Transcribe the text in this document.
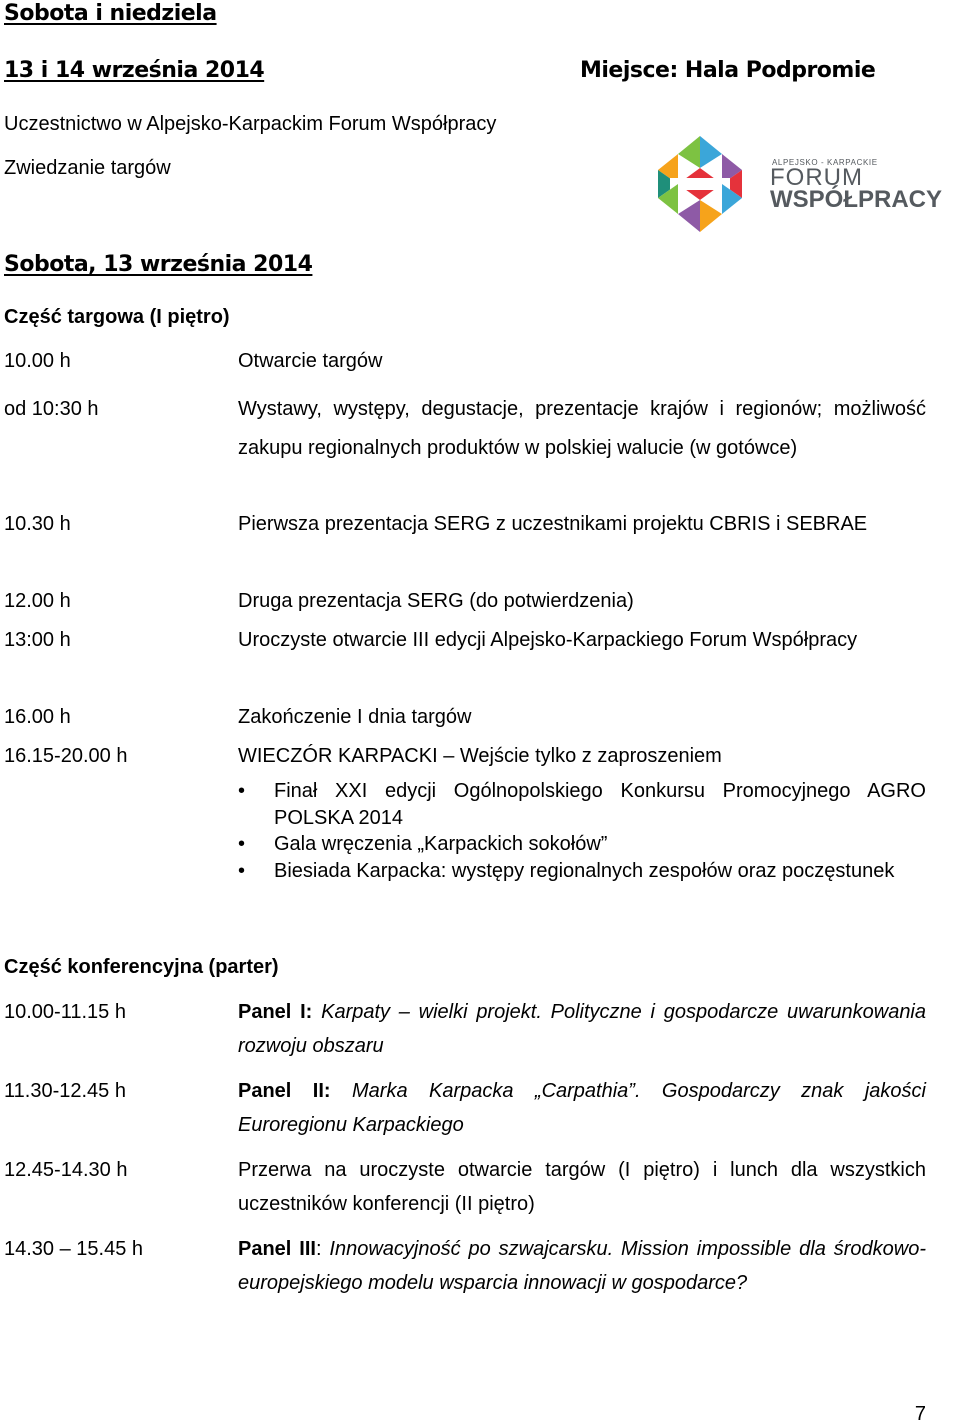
Sobota i niedziela
13 i 14 września 2014	Miejsce: Hala Podpromie
Uczestnictwo w Alpejsko-Karpackim Forum Współpracy
Zwiedzanie targów	ALPEJSKO - KARPACKIE
FORUM
WSPÓŁPRACY
Sobota, 13 września 2014
Część targowa (I piętro)
10.00 h	Otwarcie targów
od 10:30 h	Wystawy, występy, degustacje, prezentacje krajów i regionów; możliwość zakupu regionalnych produktów w polskiej walucie (w gotówce)
10.30 h	Pierwsza prezentacja SERG z uczestnikami projektu CBRIS i SEBRAE
12.00 h	Druga prezentacja SERG (do potwierdzenia)
13:00 h	Uroczyste otwarcie III edycji Alpejsko-Karpackiego Forum Współpracy
16.00 h	Zakończenie I dnia targów
16.15-20.00 h	WIECZÓR KARPACKI – Wejście tylko z zaproszeniem
• Finał XXI edycji Ogólnopolskiego Konkursu Promocyjnego AGRO POLSKA 2014
• Gala wręczenia „Karpackich sokołów”
• Biesiada Karpacka: występy regionalnych zespołów oraz poczęstunek
Część konferencyjna (parter)
10.00-11.15 h	Panel I: Karpaty – wielki projekt. Polityczne i gospodarcze uwarunkowania rozwoju obszaru
11.30-12.45 h	Panel II: Marka Karpacka „Carpathia”. Gospodarczy znak jakości Euroregionu Karpackiego
12.45-14.30 h	Przerwa na uroczyste otwarcie targów (I piętro) i lunch dla wszystkich uczestników konferencji (II piętro)
14.30 – 15.45 h	Panel III: Innowacyjność po szwajcarsku. Mission impossible dla środkowo-europejskiego modelu wsparcia innowacji w gospodarce?
7
